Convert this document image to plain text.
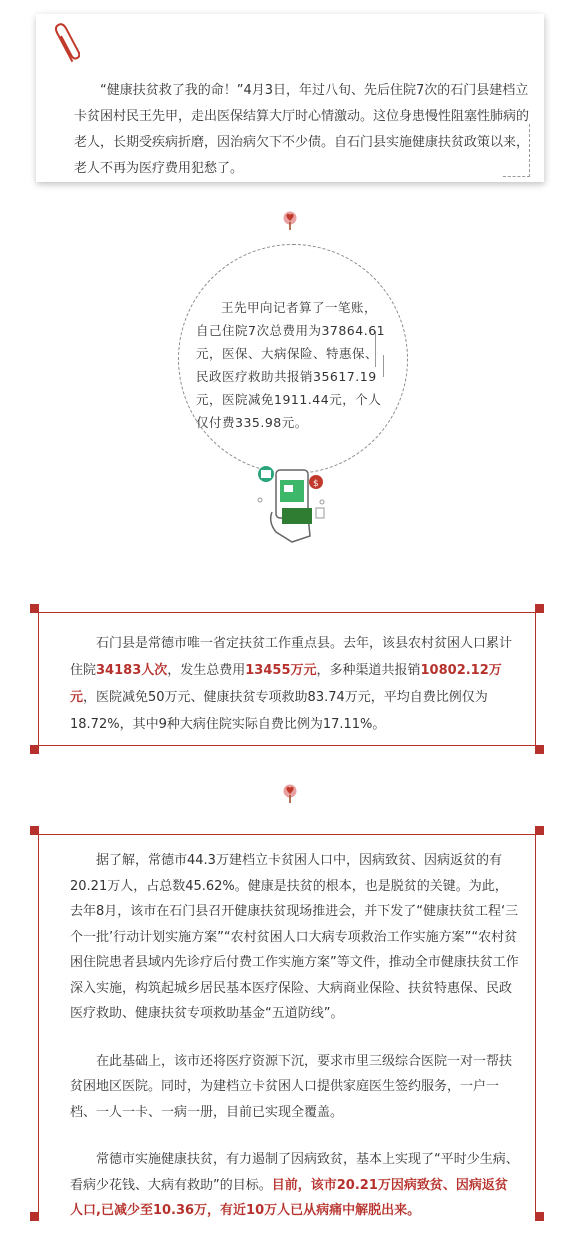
“健康扶贫救了我的命！”4月3日，年过八旬、先后住院7次的石门县建档立卡贫困村民王先甲，走出医保结算大厅时心情激动。这位身患慢性阻塞性肺病的老人，长期受疾病折磨，因治病欠下不少债。自石门县实施健康扶贫政策以来，老人不再为医疗费用犯愁了。

王先甲向记者算了一笔账，自己住院7次总费用为37864.61元，医保、大病保险、特惠保、民政医疗救助共报销35617.19元，医院减免1911.44元，个人仅付费335.98元。

$

石门县是常德市唯一省定扶贫工作重点县。去年，该县农村贫困人口累计住院34183人次，发生总费用13455万元，多种渠道共报销10802.12万元，医院减免50万元、健康扶贫专项救助83.74万元，平均自费比例仅为18.72%，其中9种大病住院实际自费比例为17.11%。

据了解，常德市44.3万建档立卡贫困人口中，因病致贫、因病返贫的有20.21万人，占总数45.62%。健康是扶贫的根本，也是脱贫的关键。为此，去年8月，该市在石门县召开健康扶贫现场推进会，并下发了“健康扶贫工程‘三个一批’行动计划实施方案”“农村贫困人口大病专项救治工作实施方案”“农村贫困住院患者县域内先诊疗后付费工作实施方案”等文件，推动全市健康扶贫工作深入实施，构筑起城乡居民基本医疗保险、大病商业保险、扶贫特惠保、民政医疗救助、健康扶贫专项救助基金“五道防线”。

在此基础上，该市还将医疗资源下沉，要求市里三级综合医院一对一帮扶贫困地区医院。同时，为建档立卡贫困人口提供家庭医生签约服务，一户一档、一人一卡、一病一册，目前已实现全覆盖。

常德市实施健康扶贫，有力遏制了因病致贫，基本上实现了“平时少生病、看病少花钱、大病有救助”的目标。目前，该市20.21万因病致贫、因病返贫人口,已减少至10.36万，有近10万人已从病痛中解脱出来。
